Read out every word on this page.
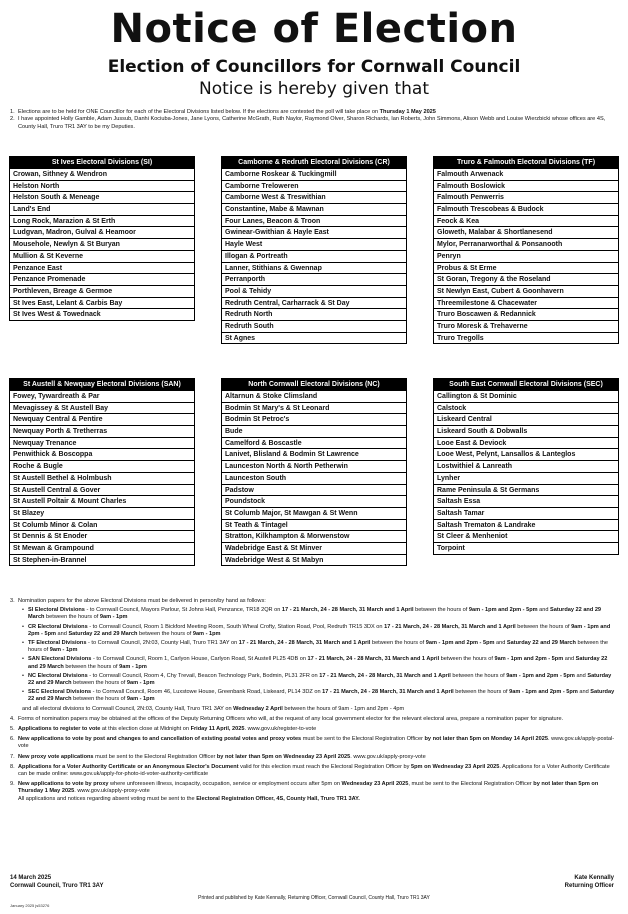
Notice of Election
Election of Councillors for Cornwall Council
Notice is hereby given that
1. Elections are to be held for ONE Councillor for each of the Electoral Divisions listed below. If the elections are contested the poll will take place on Thursday 1 May 2025
2. I have appointed Holly Gamble, Adam Jussub, Danhi Kociuba-Jones, Jane Lyons, Catherine McGrath, Ruth Naylor, Raymond Olver, Sharon Richards, Ian Roberts, John Simmons, Alison Webb and Louise Wierzbicki whose offices are 4S, County Hall, Truro TR1 3AY to be my Deputies.
St Ives Electoral Divisions (SI)
Crowan, Sithney & Wendron
Helston North
Helston South & Meneage
Land's End
Long Rock, Marazion & St Erth
Ludgvan, Madron, Gulval & Heamoor
Mousehole, Newlyn & St Buryan
Mullion & St Keverne
Penzance East
Penzance Promenade
Porthleven, Breage & Germoe
St Ives East, Lelant & Carbis Bay
St Ives West & Towednack
Camborne & Redruth Electoral Divisions (CR)
Camborne Roskear & Tuckingmill
Camborne Treloweren
Camborne West & Treswithian
Constantine, Mabe & Mawnan
Four Lanes, Beacon & Troon
Gwinear-Gwithian & Hayle East
Hayle West
Illogan & Portreath
Lanner, Stithians & Gwennap
Perranporth
Pool & Tehidy
Redruth Central, Carharrack & St Day
Redruth North
Redruth South
St Agnes
Truro & Falmouth Electoral Divisions (TF)
Falmouth Arwenack
Falmouth Boslowick
Falmouth Penwerris
Falmouth Trescobeas & Budock
Feock & Kea
Gloweth, Malabar & Shortlanesend
Mylor, Perranarworthal & Ponsanooth
Penryn
Probus & St Erme
St Goran, Tregony & the Roseland
St Newlyn East, Cubert & Goonhavern
Threemilestone & Chacewater
Truro Boscawen & Redannick
Truro Moresk & Trehaverne
Truro Tregolls
St Austell & Newquay Electoral Divisions (SAN)
Fowey, Tywardreath & Par
Mevagissey & St Austell Bay
Newquay Central & Pentire
Newquay Porth & Tretherras
Newquay Trenance
Penwithick & Boscoppa
Roche & Bugle
St Austell Bethel & Holmbush
St Austell Central & Gover
St Austell Poltair & Mount Charles
St Blazey
St Columb Minor & Colan
St Dennis & St Enoder
St Mewan & Grampound
St Stephen-in-Brannel
North Cornwall Electoral Divisions (NC)
Altarnun & Stoke Climsland
Bodmin St Mary's & St Leonard
Bodmin St Petroc's
Bude
Camelford & Boscastle
Lanivet, Blisland & Bodmin St Lawrence
Launceston North & North Petherwin
Launceston South
Padstow
Poundstock
St Columb Major, St Mawgan & St Wenn
St Teath & Tintagel
Stratton, Kilkhampton & Morwenstow
Wadebridge East & St Minver
Wadebridge West & St Mabyn
South East Cornwall Electoral Divisions (SEC)
Callington & St Dominic
Calstock
Liskeard Central
Liskeard South & Dobwalls
Looe East & Deviock
Looe West, Pelynt, Lansallos & Lanteglos
Lostwithiel & Lanreath
Lynher
Rame Peninsula & St Germans
Saltash Essa
Saltash Tamar
Saltash Trematon & Landrake
St Cleer & Menheniot
Torpoint
3. Nomination papers for the above Electoral Divisions must be delivered in person/by hand as follows:
• SI Electoral Divisions - to Cornwall Council, Mayors Parlour, St Johns Hall, Penzance, TR18 2QR on 17 - 21 March, 24 - 28 March, 31 March and 1 April between the hours of 9am - 1pm and 2pm - 5pm and Saturday 22 and 29 March between the hours of 9am - 1pm
• CR Electoral Divisions - to Cornwall Council, Room 1 Bickford Meeting Room, South Wheal Crofty, Station Road, Pool, Redruth TR15 3DX on 17 - 21 March, 24 - 28 March, 31 March and 1 April between the hours of 9am - 1pm and 2pm - 5pm and Saturday 22 and 29 March between the hours of 9am - 1pm
• TF Electoral Divisions - to Cornwall Council, 2N:03, County Hall, Truro TR1 3AY on 17 - 21 March, 24 - 28 March, 31 March and 1 April between the hours of 9am - 1pm and 2pm - 5pm and Saturday 22 and 29 March between the hours of 9am - 1pm
• SAN Electoral Divisions - to Cornwall Council, Room 1, Carlyon House, Carlyon Road, St Austell PL25 4DB on 17 - 21 March, 24 - 28 March, 31 March and 1 April between the hours of 9am - 1pm and 2pm - 5pm and Saturday 22 and 29 March between the hours of 9am - 1pm
• NC Electoral Divisions - to Cornwall Council, Room 4, Chy Trevail, Beacon Technology Park, Bodmin, PL31 2FR on 17 - 21 March, 24 - 28 March, 31 March and 1 April between the hours of 9am - 1pm and 2pm - 5pm and Saturday 22 and 29 March between the hours of 9am - 1pm
• SEC Electoral Divisions - to Cornwall Council, Room 46, Luxstowe House, Greenbank Road, Liskeard, PL14 3DZ on 17 - 21 March, 24 - 28 March, 31 March and 1 April between the hours of 9am - 1pm and 2pm - 5pm and Saturday 22 and 29 March between the hours of 9am - 1pm
and all electoral divisions to Cornwall Council, 2N:03, County Hall, Truro TR1 3AY on Wednesday 2 April between the hours of 9am - 1pm and 2pm - 4pm
4. Forms of nomination papers may be obtained at the offices of the Deputy Returning Officers who will, at the request of any local government elector for the relevant electoral area, prepare a nomination paper for signature.
5. Applications to register to vote at this election close at Midnight on Friday 11 April, 2025. www.gov.uk/register-to-vote
6. New applications to vote by post and changes to and cancellation of existing postal votes and proxy votes must be sent to the Electoral Registration Officer by not later than 5pm on Monday 14 April 2025. www.gov.uk/apply-postal-vote
7. New proxy vote applications must be sent to the Electoral Registration Officer by not later than 5pm on Wednesday 23 April 2025. www.gov.uk/apply-proxy-vote
8. Applications for a Voter Authority Certificate or an Anonymous Elector's Document valid for this election must reach the Electoral Registration Officer by 5pm on Wednesday 23 April 2025. Applications for a Voter Authority Certificate can be made online: www.gov.uk/apply-for-photo-id-voter-authority-certificate
9. New applications to vote by proxy where unforeseen illness, incapacity, occupation, service or employment occurs after 5pm on Wednesday 23 April 2025, must be sent to the Electoral Registration Officer by not later than 5pm on Thursday 1 May 2025. www.gov.uk/apply-proxy-vote
All applications and notices regarding absent voting must be sent to the Electoral Registration Officer, 4S, County Hall, Truro TR1 3AY.
14 March 2025
Cornwall Council, Truro TR1 3AY
Kate Kennally
Returning Officer
Printed and published by Kate Kennally, Returning Officer, Cornwall Council, County Hall, Truro TR1 3AY
January 2025 js53276
